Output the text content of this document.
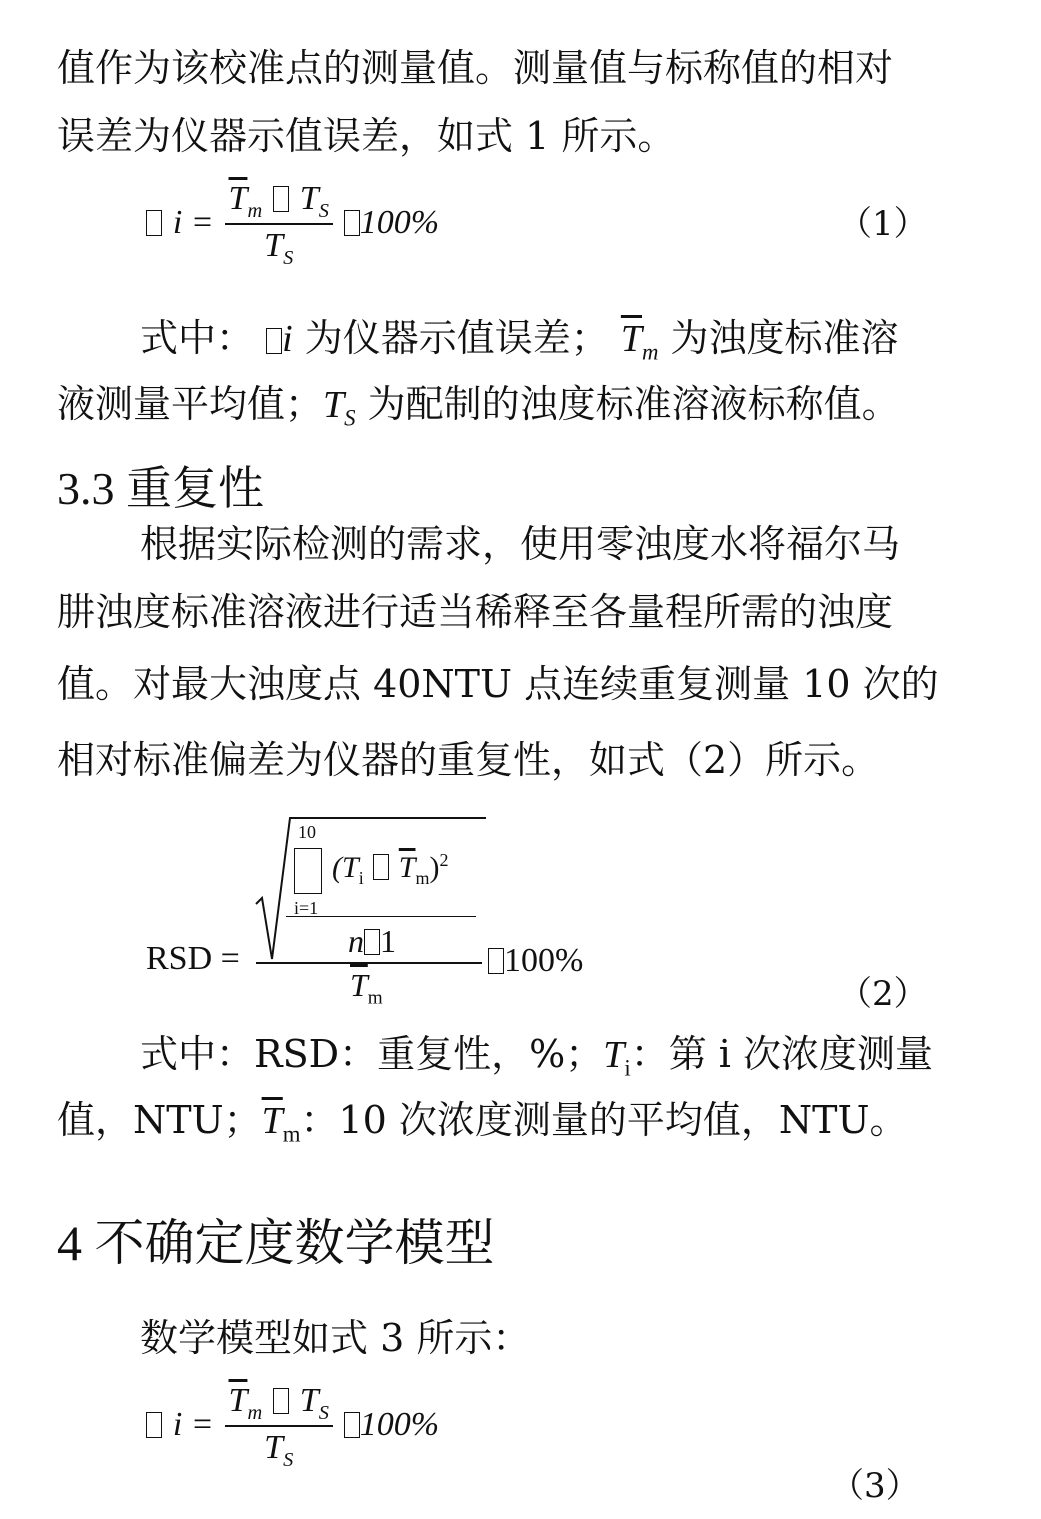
值作为该校准点的测量值。测量值与标称值的相对
误差为仪器示值误差，如式 1 所示。
$i = \frac{\overline{T}_m T_S}{T_S} 100\%$	（1）
式中： i 为仪器示值误差； $\overline{T}_m$ 为浊度标准溶
液测量平均值；$T_S$ 为配制的浊度标准溶液标称值。
3.3 重复性
根据实际检测的需求，使用零浊度水将福尔马
肼浊度标准溶液进行适当稀释至各量程所需的浊度
值。对最大浊度点 40NTU 点连续重复测量 10 次的
相对标准偏差为仪器的重复性，如式（2）所示。
RSD =
10
i=1
($T_i$ $\overline{T}_m)^2$
n 1
$\overline{T}_m$
100%
（2）
式中：RSD：重复性，%；$T_i$：第 i 次浓度测量
值，NTU；$\overline{T}_m$：10 次浓度测量的平均值，NTU。
4 不确定度数学模型
数学模型如式 3 所示：
$i = \frac{\overline{T}_m T_S}{T_S} 100\%$
（3）
